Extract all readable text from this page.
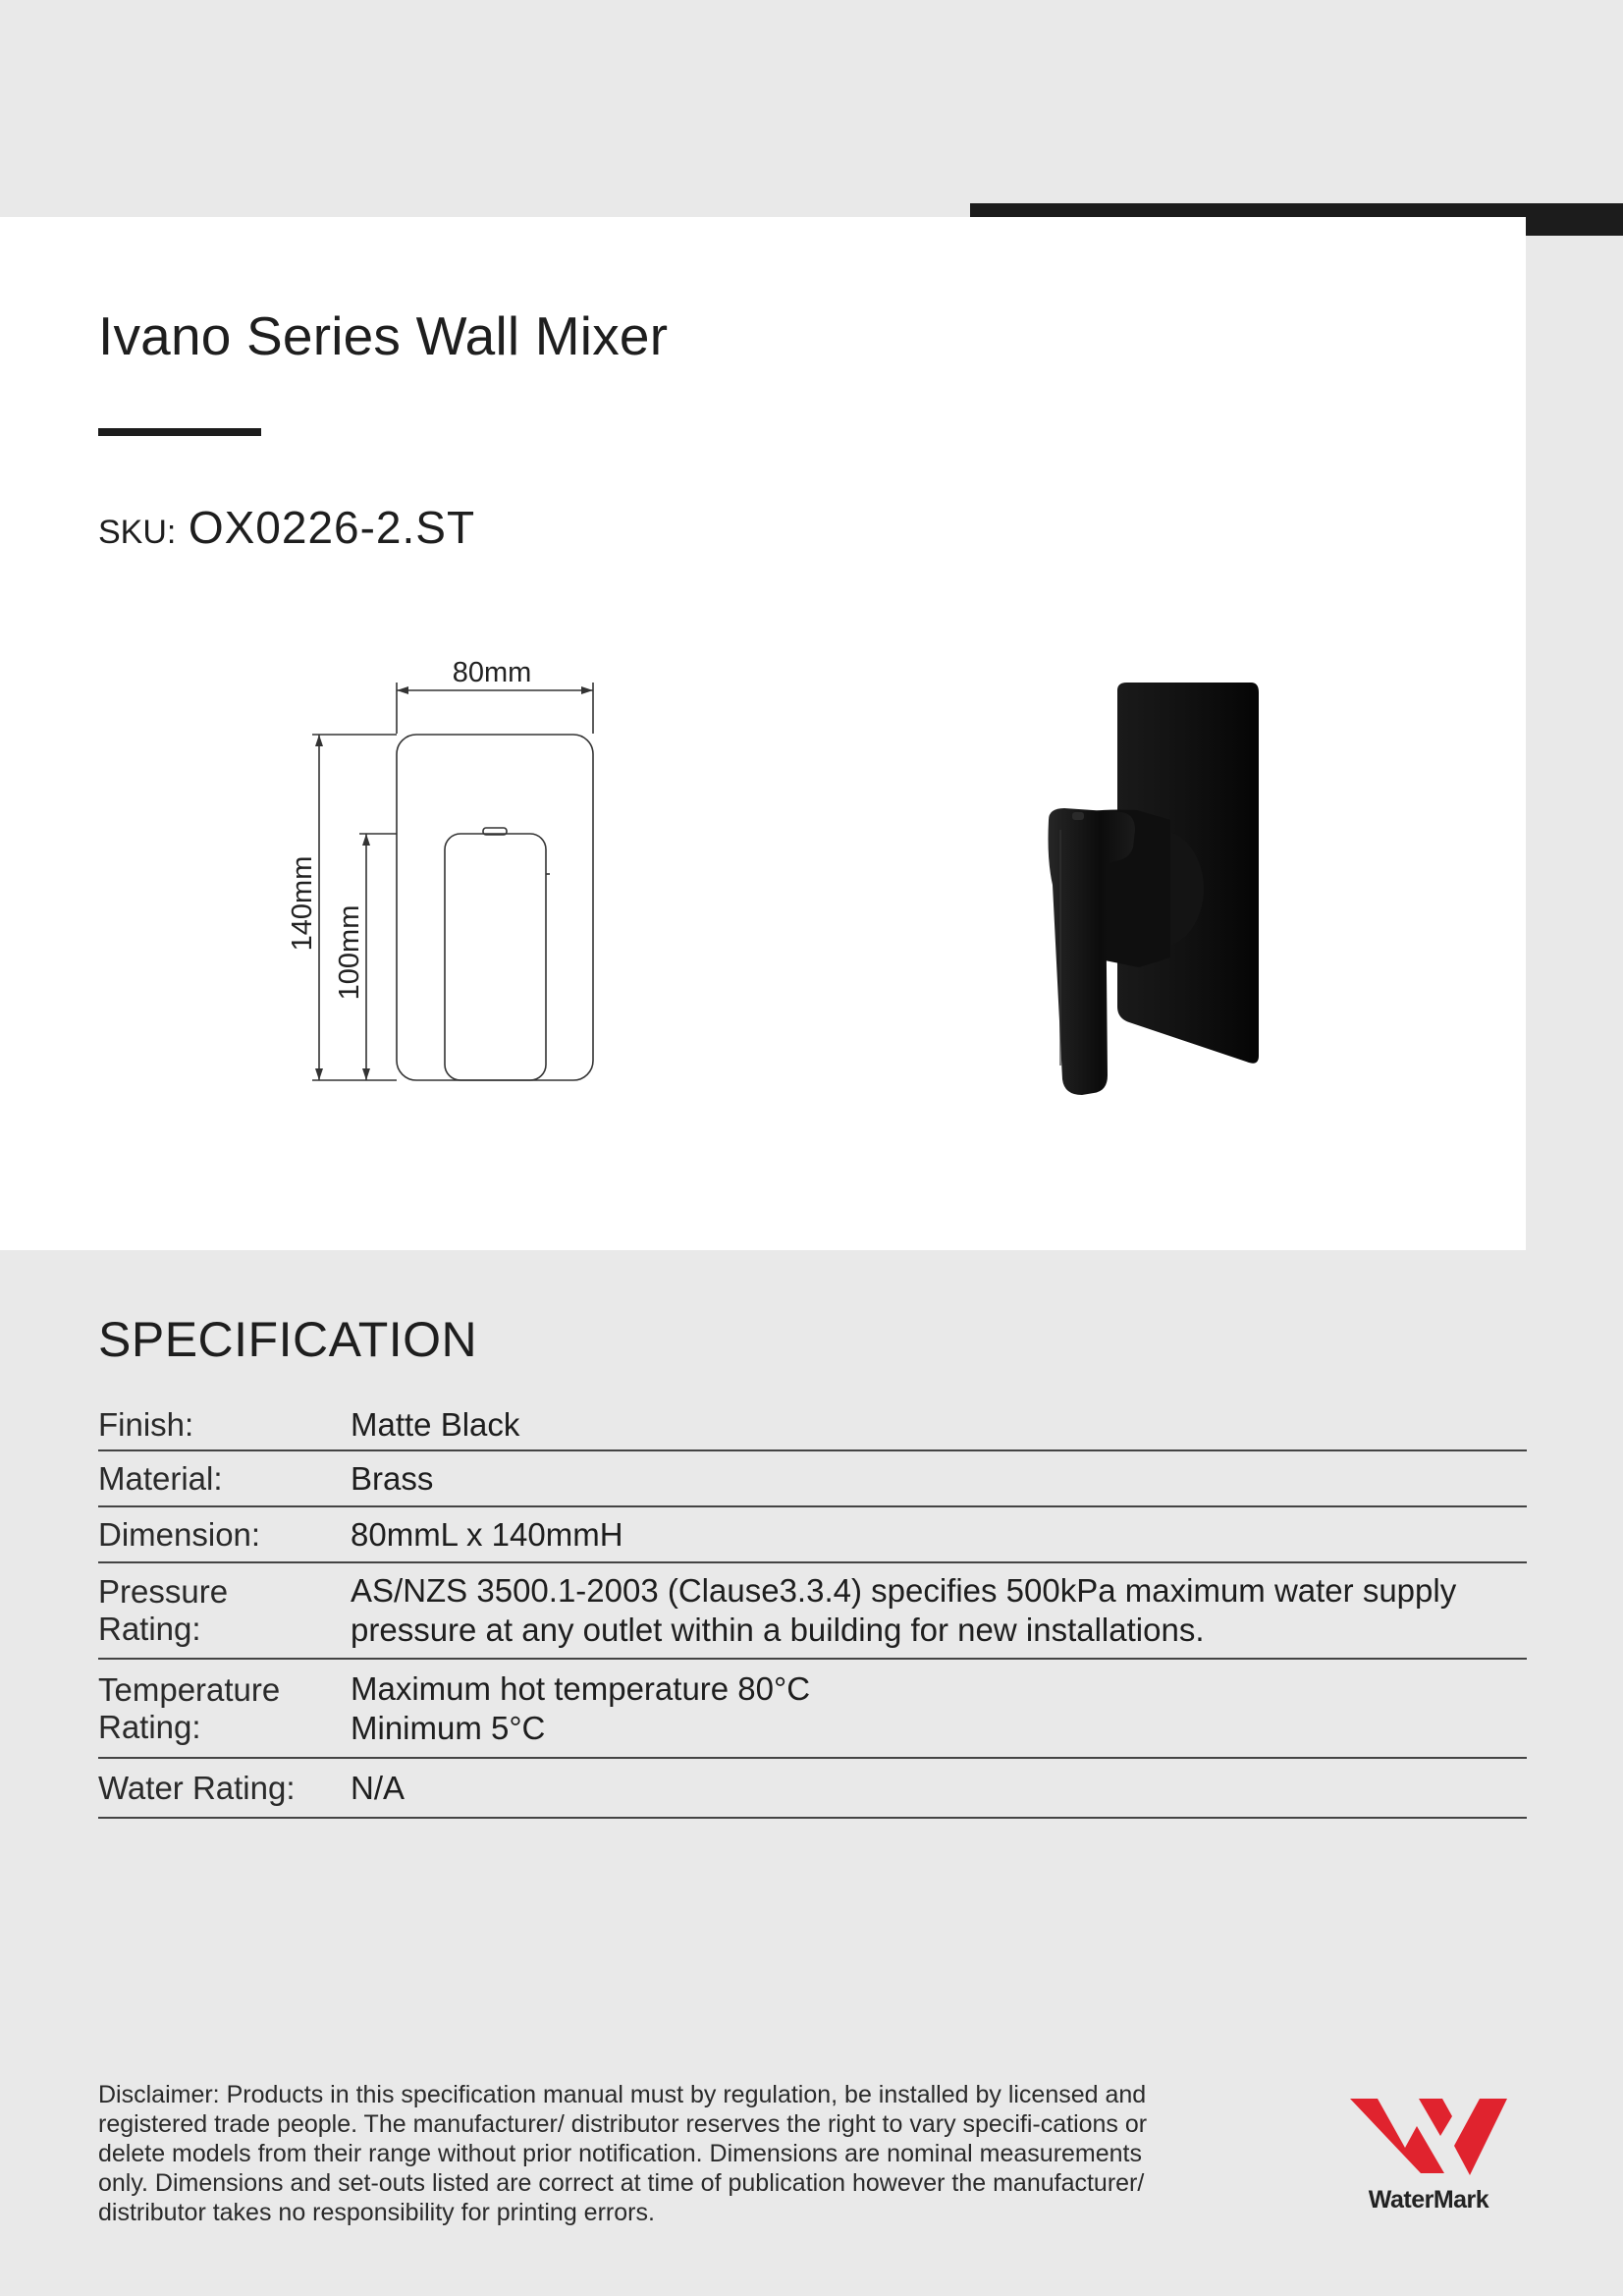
Ivano Series Wall Mixer
SKU: OX0226-2.ST
80mm
140mm
100mm
SPECIFICATION
Finish:	Matte Black
Material:	Brass
Dimension:	80mmL x 140mmH
Pressure Rating:
AS/NZS 3500.1-2003 (Clause3.3.4) specifies 500kPa maximum water supply pressure at any outlet within a building for new installations.
Temperature Rating:
Maximum hot temperature 80°C Minimum 5°C
Water Rating:	N/A

Disclaimer: Products in this specification manual must by regulation, be installed by licensed and registered trade people. The manufacturer/ distributor reserves the right to vary specifi-cations or delete models from their range without prior notification. Dimensions are nominal measurements only. Dimensions and set-outs listed are correct at time of publication however the manufacturer/ distributor takes no responsibility for printing errors.	WaterMark
